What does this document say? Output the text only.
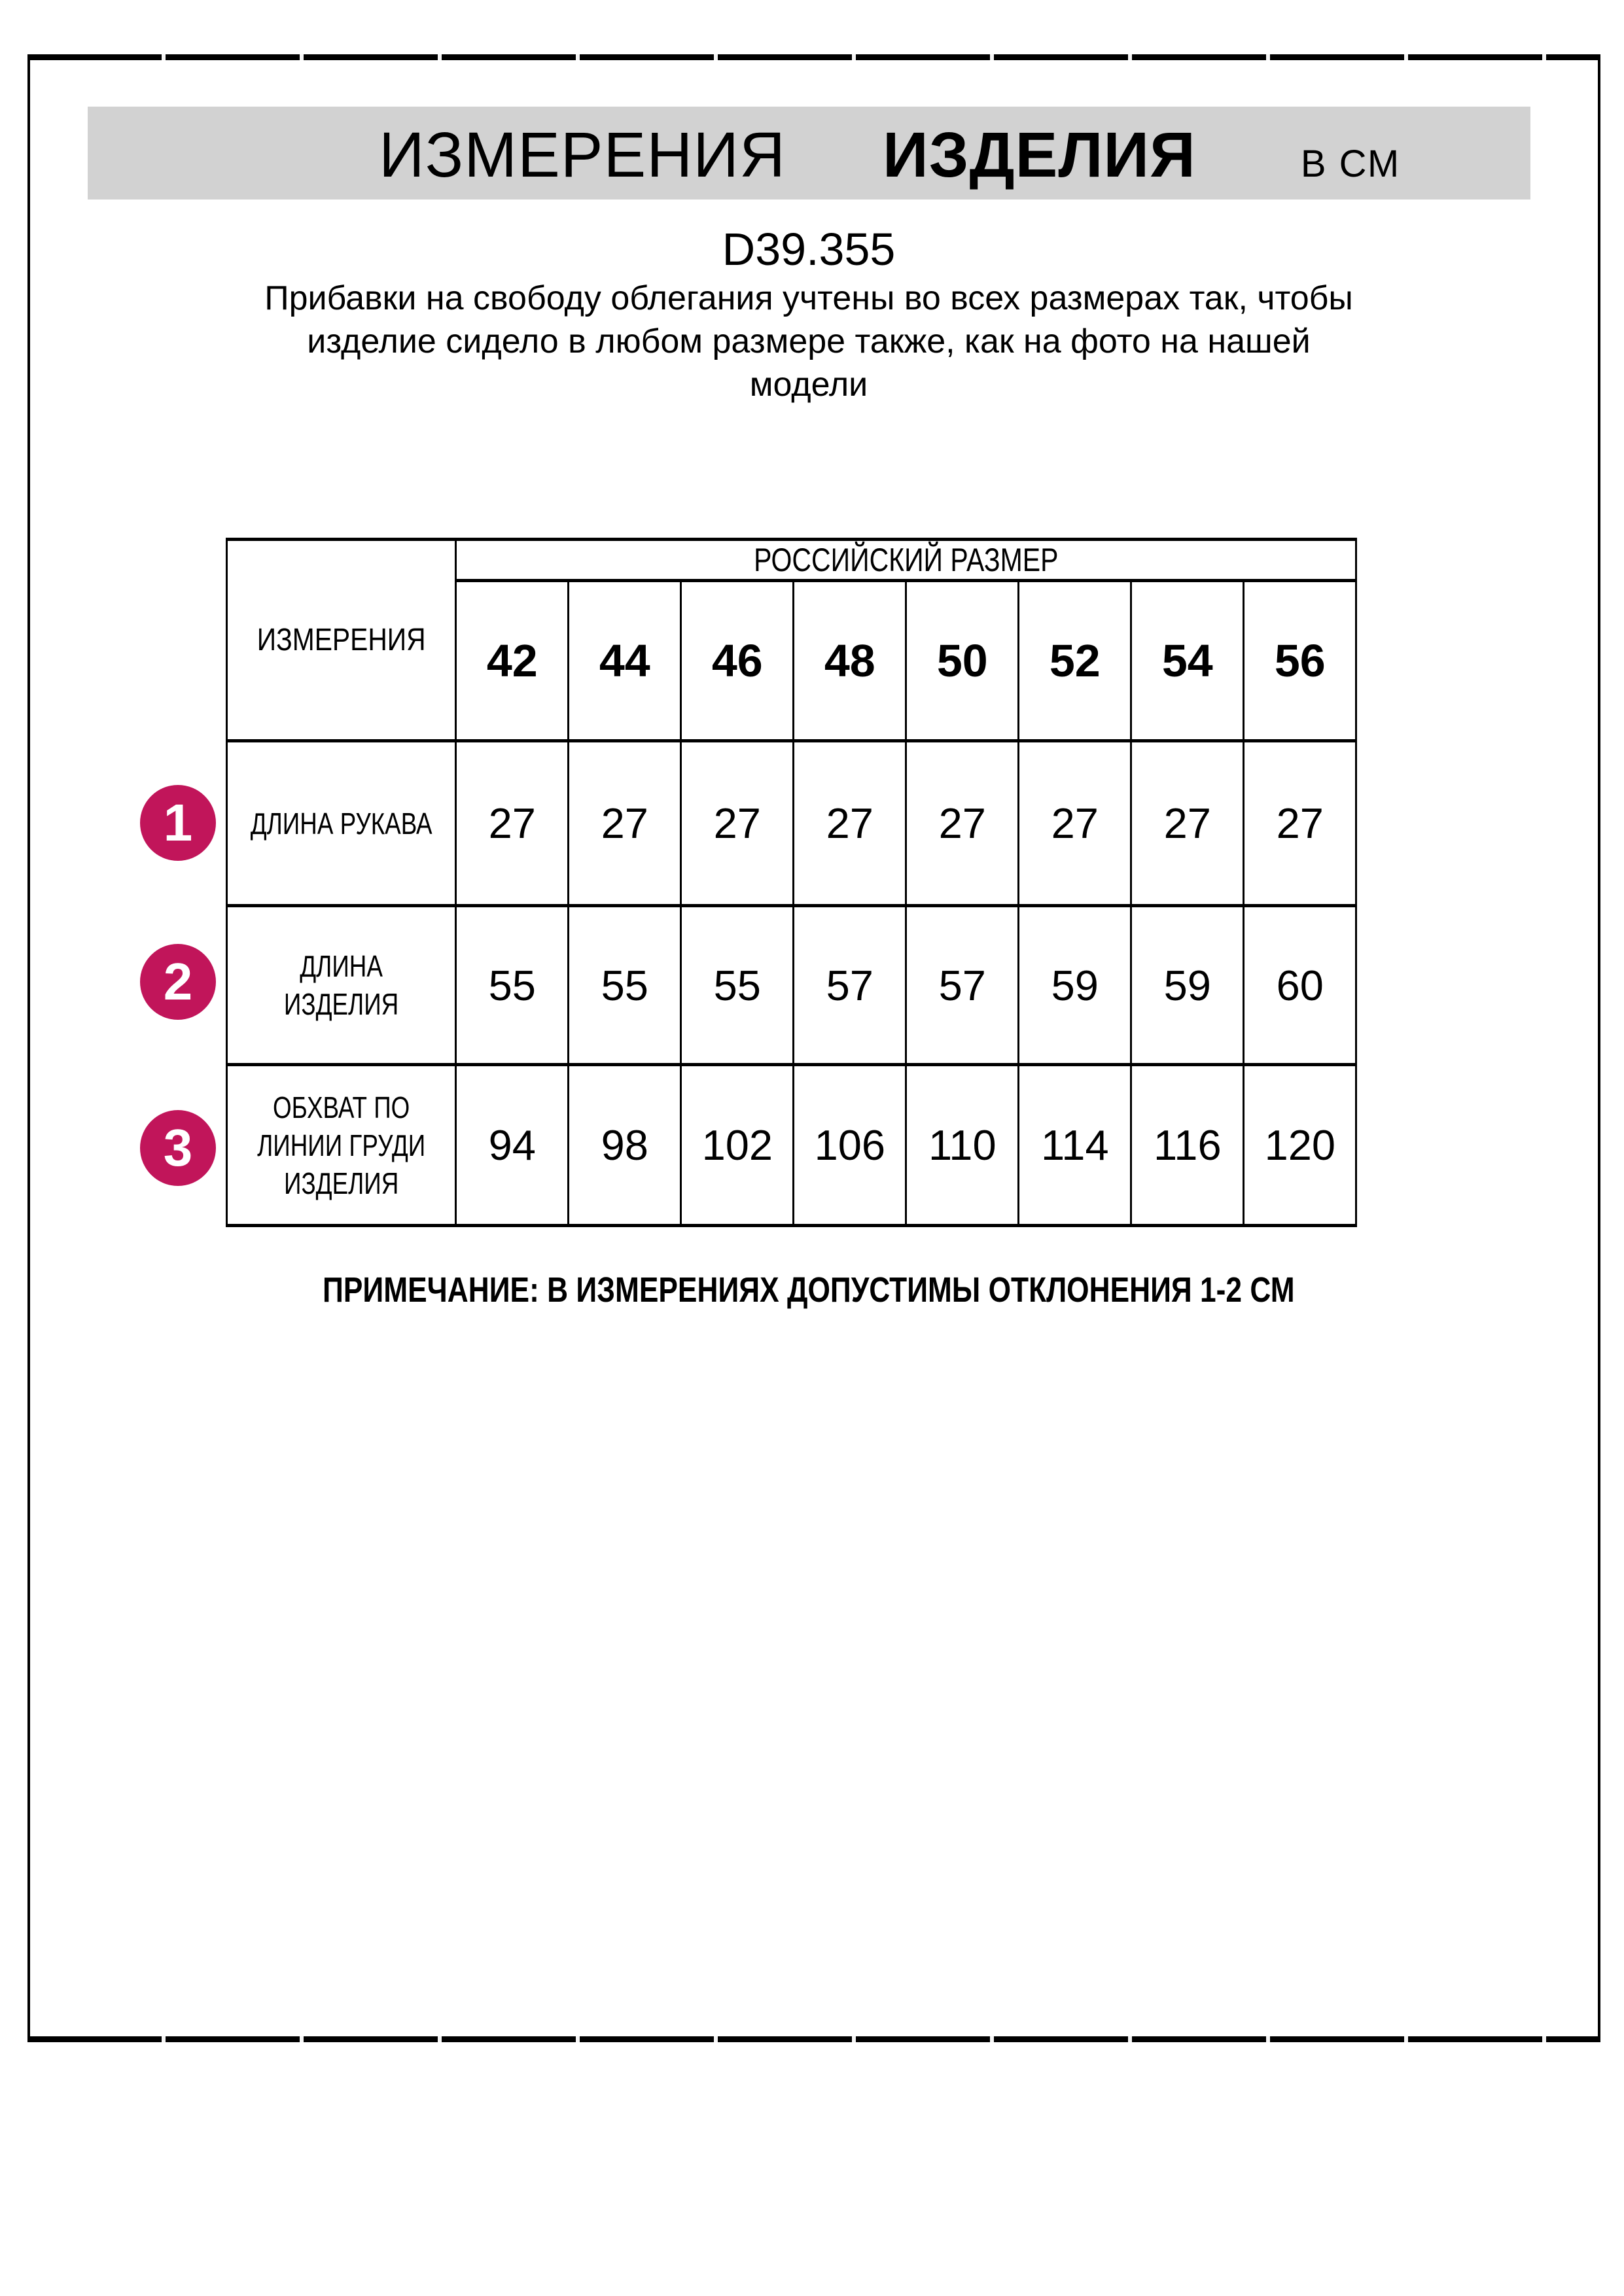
ИЗМЕРЕНИЯ ИЗДЕЛИЯ	В СМ
D39.355
Прибавки на свободу облегания учтены во всех размерах так, чтобы
изделие сидело в любом размере также, как на фото на нашей
модели
ИЗМЕРЕНИЯ	РОССИЙСКИЙ РАЗМЕР							
	42	44	46	48	50	52	54	56

ДЛИНА РУКАВА	27	27	27	27	27	27	27	27

ДЛИНА
ИЗДЕЛИЯ	55	55	55	57	57	59	59	60

ОБХВАТ ПО
ЛИНИИ ГРУДИ
ИЗДЕЛИЯ	94	98	102	106	110	114	116	120
1
2
3
ПРИМЕЧАНИЕ: В ИЗМЕРЕНИЯХ ДОПУСТИМЫ ОТКЛОНЕНИЯ 1-2 СМ
